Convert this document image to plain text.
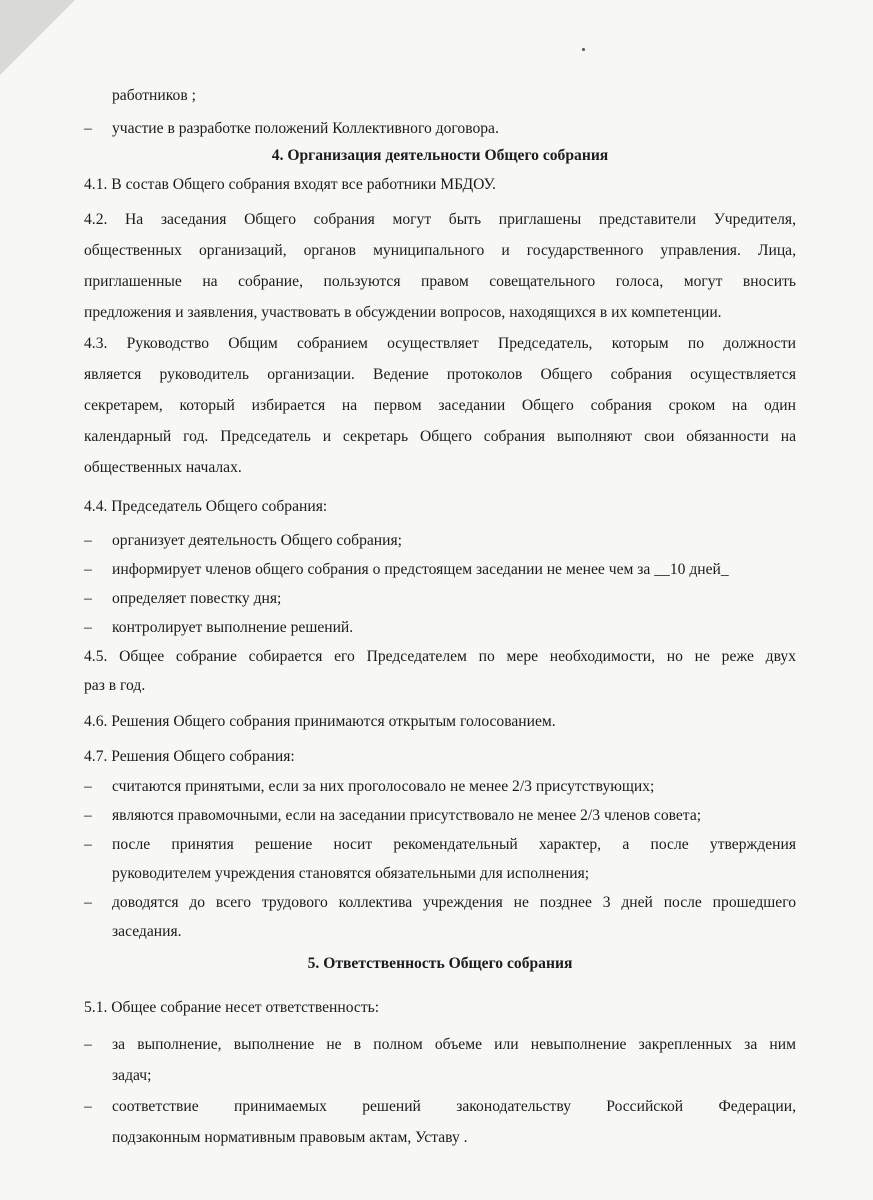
работников ;

– участие в разработке положений Коллективного договора.

4. Организация деятельности Общего собрания

4.1. В состав Общего собрания входят все работники МБДОУ.

4.2. На заседания Общего собрания могут быть приглашены представители Учредителя,

общественных организаций, органов муниципального и государственного управления. Лица,

приглашенные на собрание, пользуются правом совещательного голоса, могут вносить

предложения и заявления, участвовать в обсуждении вопросов, находящихся в их компетенции.

4.3. Руководство Общим собранием осуществляет Председатель, которым по должности

является руководитель организации. Ведение протоколов Общего собрания осуществляется

секретарем, который избирается на первом заседании Общего собрания сроком на один

календарный год. Председатель и секретарь Общего собрания выполняют свои обязанности на

общественных началах.

4.4. Председатель Общего собрания:

– организует деятельность Общего собрания;

– информирует членов общего собрания о предстоящем заседании не менее чем за __10 дней_

– определяет повестку дня;

– контролирует выполнение решений.

4.5. Общее собрание собирается его Председателем по мере необходимости, но не реже двух

раз в год.

4.6. Решения Общего собрания принимаются открытым голосованием.

4.7. Решения Общего собрания:

– считаются принятыми, если за них проголосовало не менее 2/3 присутствующих;

– являются правомочными, если на заседании присутствовало не менее 2/3 членов совета;

– после принятия решение носит рекомендательный характер, а после утверждения

руководителем учреждения становятся обязательными для исполнения;

– доводятся до всего трудового коллектива учреждения не позднее 3 дней после прошедшего

заседания.

5. Ответственность Общего собрания

5.1. Общее собрание несет ответственность:

– за выполнение, выполнение не в полном объеме или невыполнение закрепленных за ним

задач;

– соответствие принимаемых решений законодательству Российской Федерации,

подзаконным нормативным правовым актам, Уставу .
